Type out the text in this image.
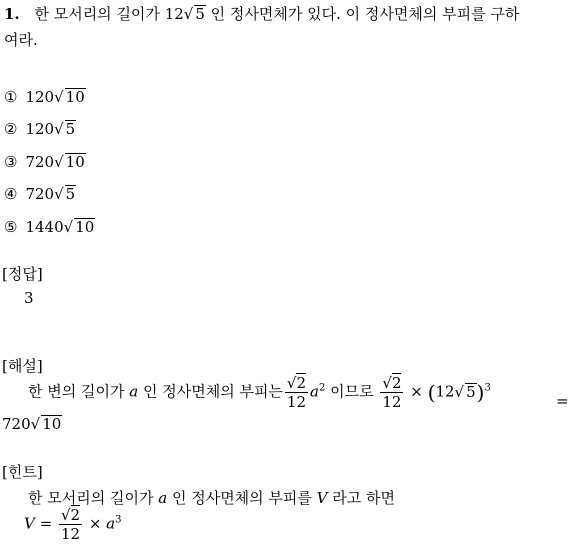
1. 한 모서리의 길이가 12√ 5 인 정사면체가 있다. 이 정사면체의 부피를 구하
여라.
① 120√ 10
② 120√ 5
③ 720√ 10
④ 720√ 5
⑤ 1440√ 10
[정답]
3
[해설]
한 변의 길이가 a 인 정사면체의 부피는 $\frac{√2}{12} a^2$ 이므로 $\frac{√2}{12} \times (12√$ 5)$^3$
=
720√ 10
[힌트]
한 모서리의 길이가 a 인 정사면체의 부피를 V 라고 하면
$V = \frac{√2}{12} \times a^3$
